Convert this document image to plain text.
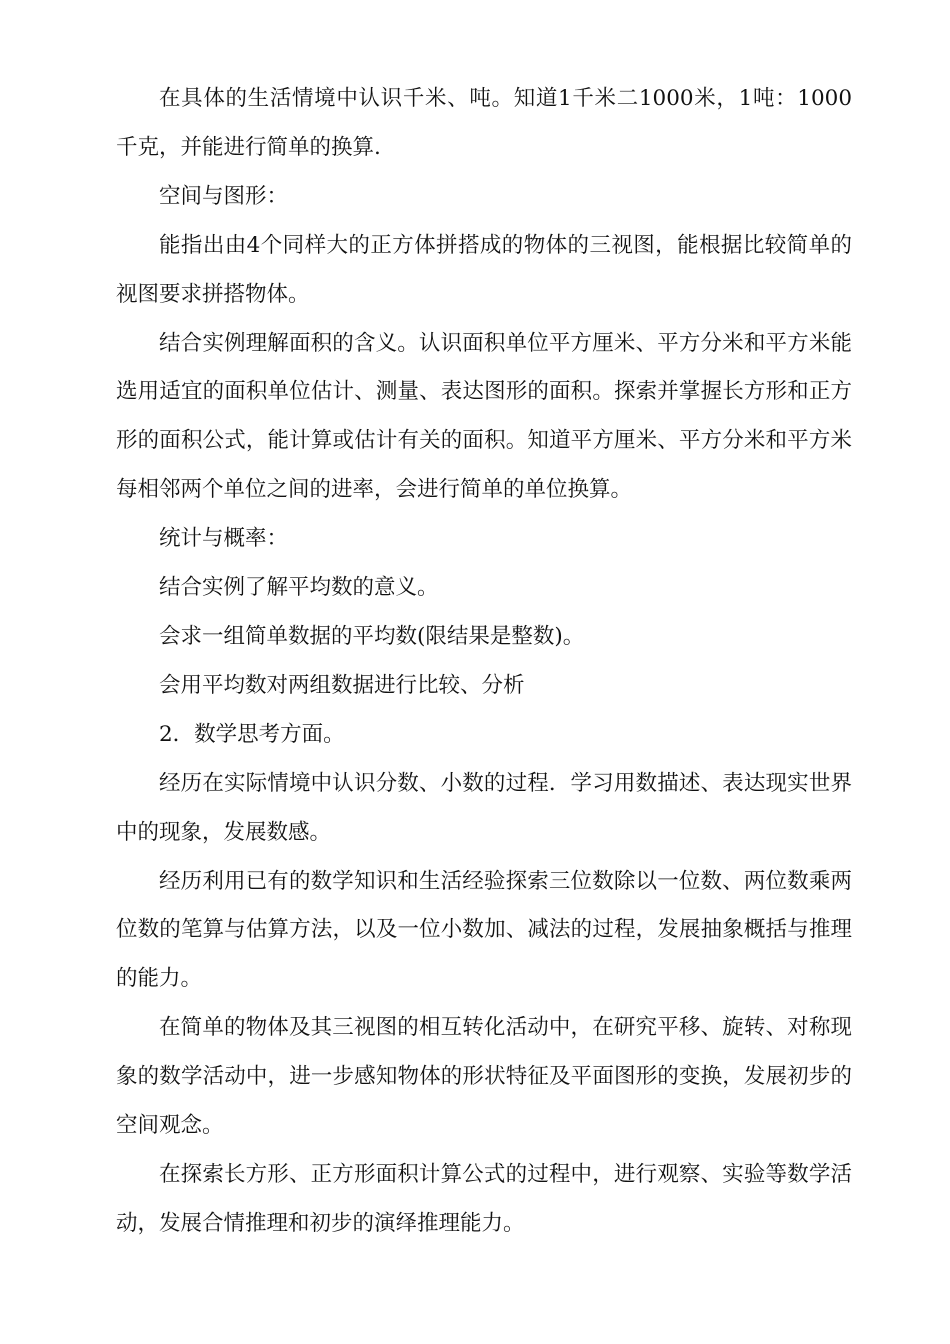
在具体的生活情境中认识千米、吨。知道1千米二1000米，1吨：1000千克，并能进行简单的换算.

空间与图形：

能指出由4个同样大的正方体拼搭成的物体的三视图，能根据比较简单的视图要求拼搭物体。

结合实例理解面积的含义。认识面积单位平方厘米、平方分米和平方米能选用适宜的面积单位估计、测量、表达图形的面积。探索并掌握长方形和正方形的面积公式，能计算或估计有关的面积。知道平方厘米、平方分米和平方米每相邻两个单位之间的进率，会进行简单的单位换算。

统计与概率：

结合实例了解平均数的意义。

会求一组简单数据的平均数(限结果是整数)。

会用平均数对两组数据进行比较、分析

2．数学思考方面。

经历在实际情境中认识分数、小数的过程．学习用数描述、表达现实世界中的现象，发展数感。

经历利用已有的数学知识和生活经验探索三位数除以一位数、两位数乘两位数的笔算与估算方法，以及一位小数加、减法的过程，发展抽象概括与推理的能力。

在简单的物体及其三视图的相互转化活动中，在研究平移、旋转、对称现象的数学活动中，进一步感知物体的形状特征及平面图形的变换，发展初步的空间观念。

在探索长方形、正方形面积计算公式的过程中，进行观察、实验等数学活动，发展合情推理和初步的演绎推理能力。
